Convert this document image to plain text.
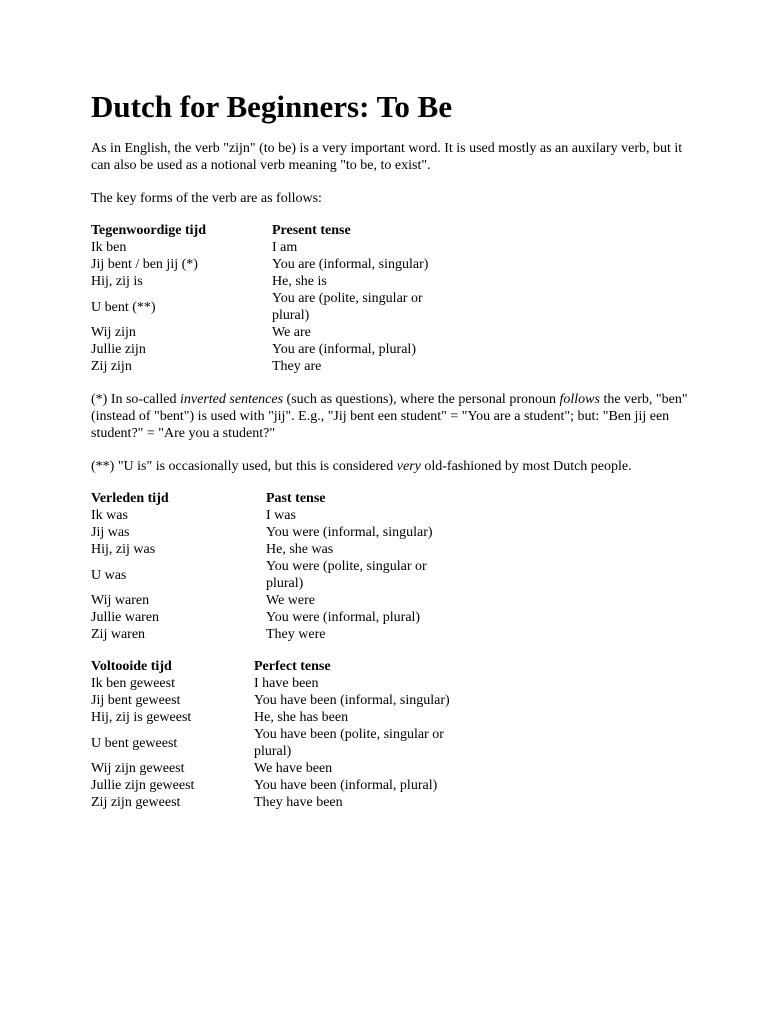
Dutch for Beginners: To Be

As in English, the verb "zijn" (to be) is a very important word. It is used mostly as an auxilary verb, but it can also be used as a notional verb meaning "to be, to exist".

The key forms of the verb are as follows:

Tegenwoordige tijd	Present tense
Ik ben	I am
Jij bent / ben jij (*)	You are (informal, singular)
Hij, zij is	He, she is
U bent (**)	You are (polite, singular or plural)
Wij zijn	We are
Jullie zijn	You are (informal, plural)
Zij zijn	They are

(*) In so-called inverted sentences (such as questions), where the personal pronoun follows the verb, "ben" (instead of "bent") is used with "jij". E.g., "Jij bent een student" = "You are a student"; but: "Ben jij een student?" = "Are you a student?"

(**) "U is" is occasionally used, but this is considered very old-fashioned by most Dutch people.

Verleden tijd	Past tense
Ik was	I was
Jij was	You were (informal, singular)
Hij, zij was	He, she was
U was	You were (polite, singular or plural)
Wij waren	We were
Jullie waren	You were (informal, plural)
Zij waren	They were
Voltooide tijd	Perfect tense
Ik ben geweest	I have been
Jij bent geweest	You have been (informal, singular)
Hij, zij is geweest	He, she has been
U bent geweest	You have been (polite, singular or plural)
Wij zijn geweest	We have been
Jullie zijn geweest	You have been (informal, plural)
Zij zijn geweest	They have been
